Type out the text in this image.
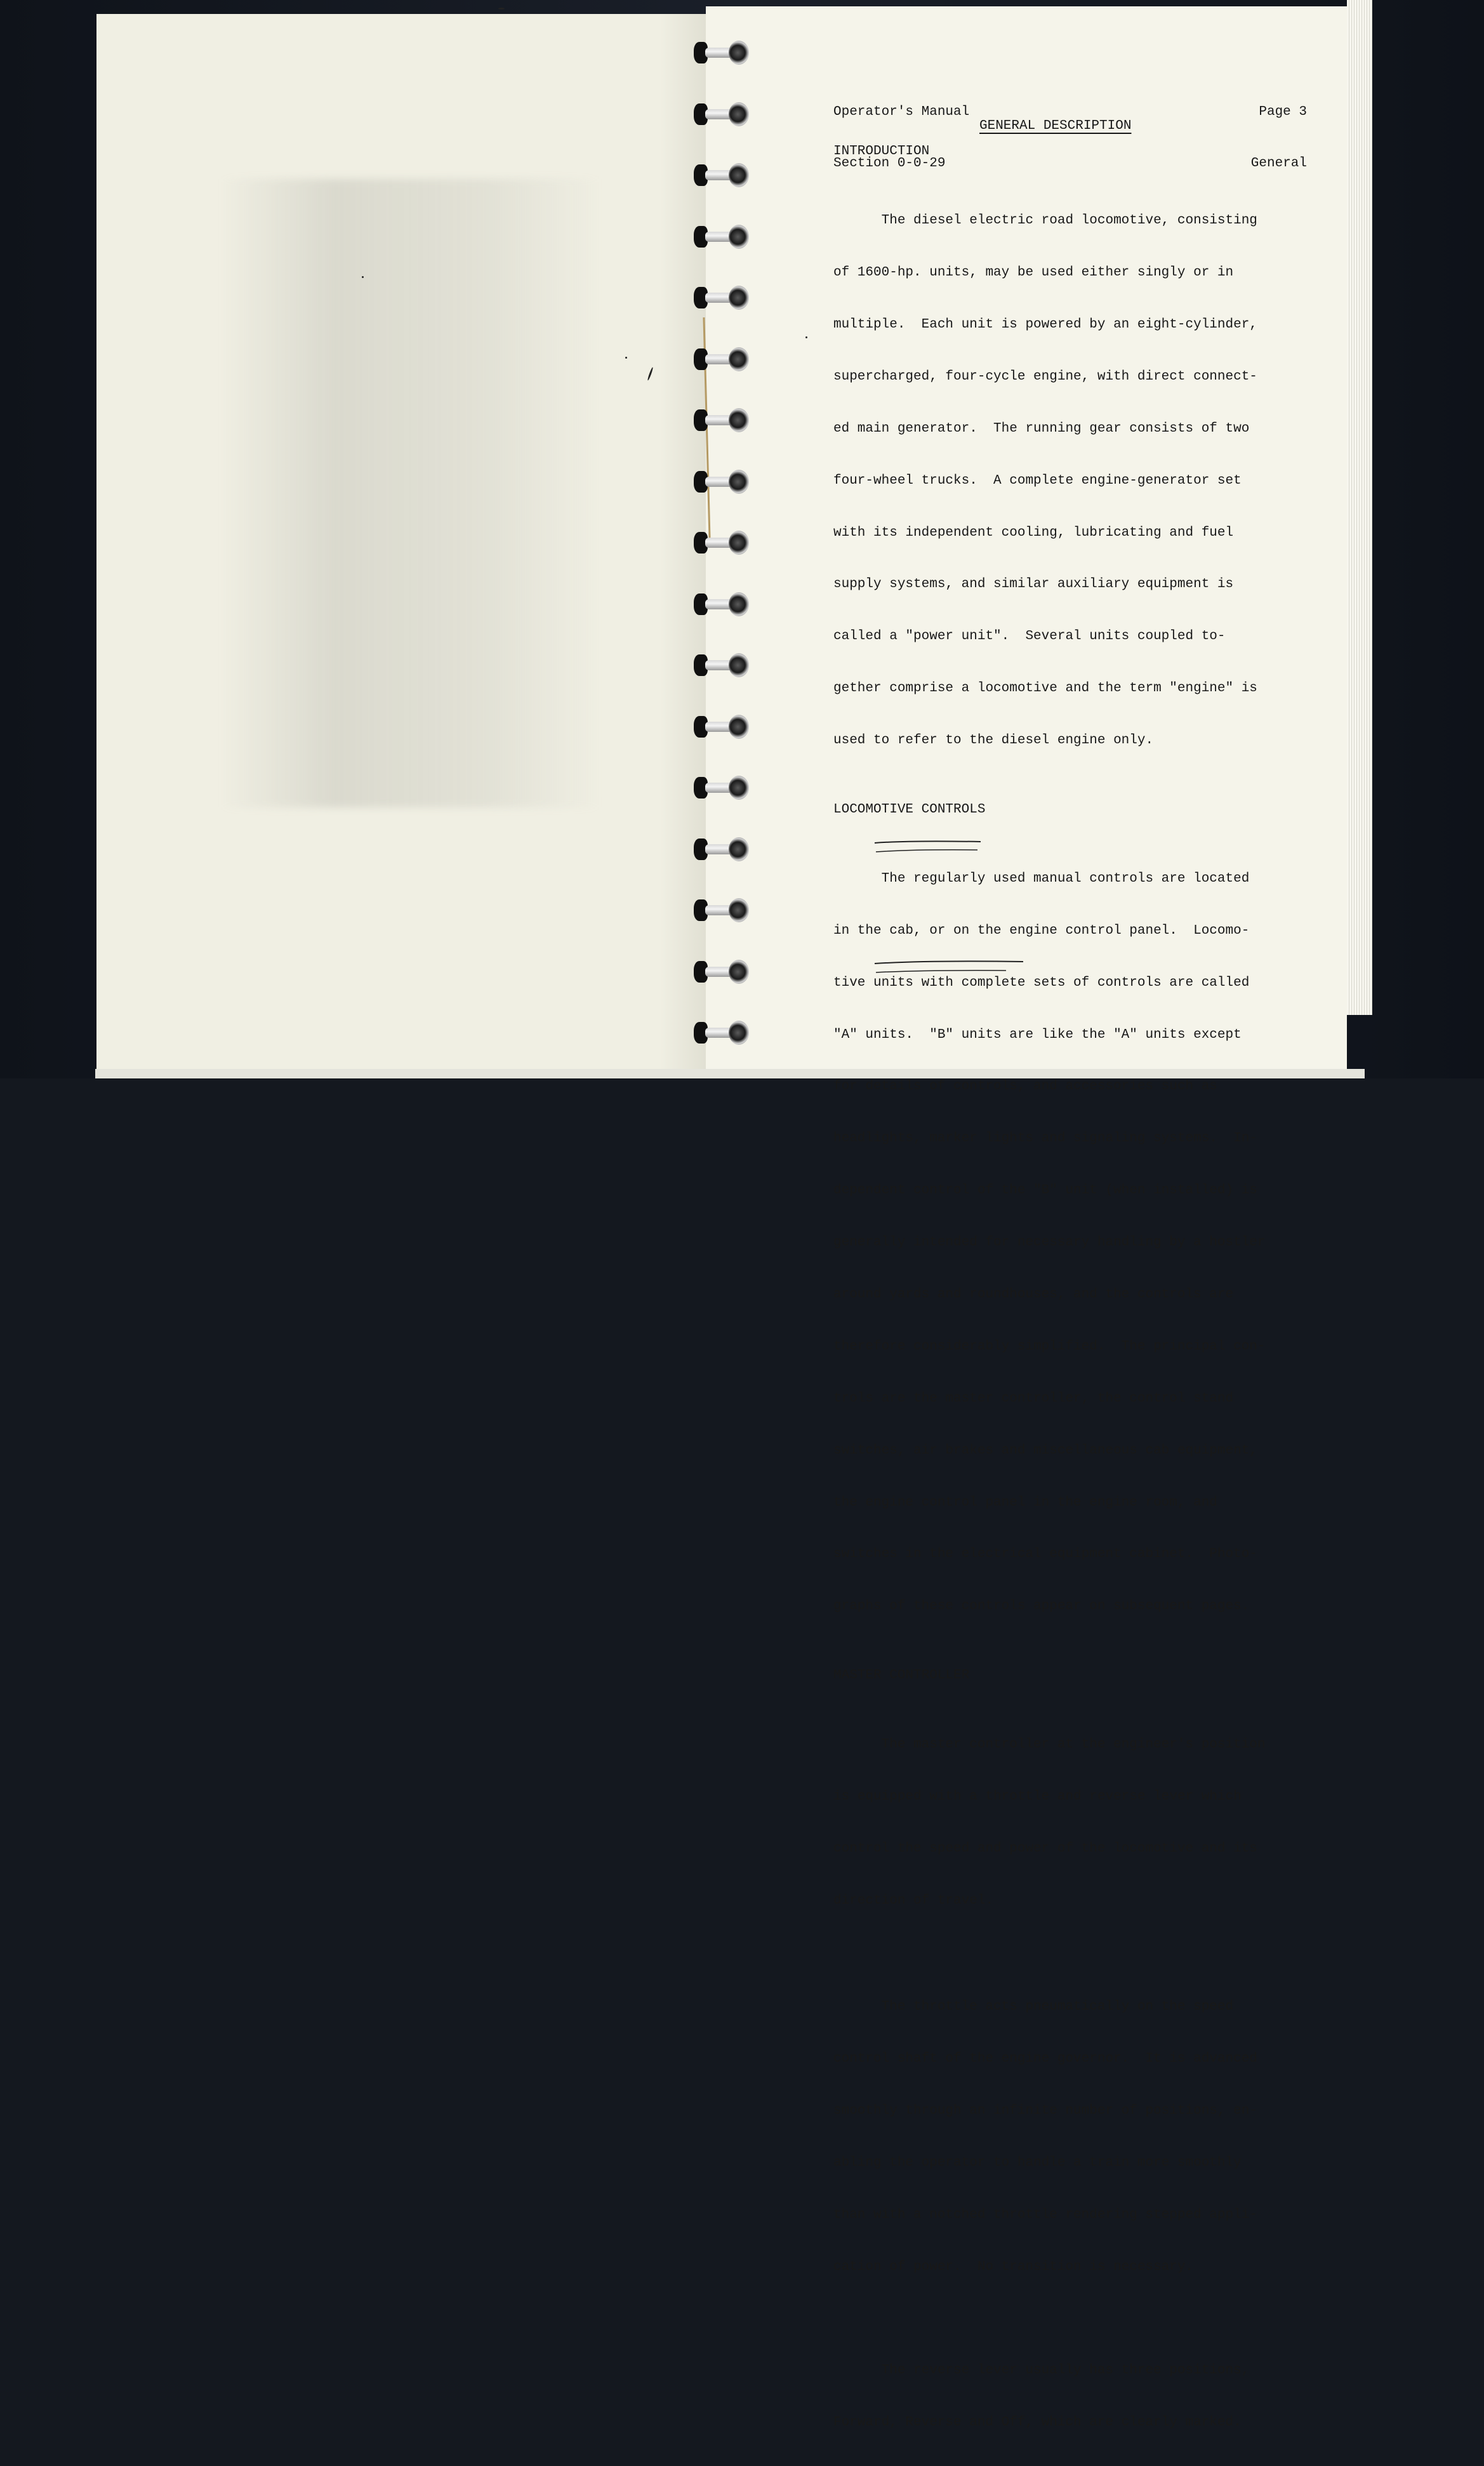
Operator's Manual

Section 0-0-29

Page 3

General

GENERAL DESCRIPTION
INTRODUCTION

The diesel electric road locomotive, consisting

of 1600-hp. units, may be used either singly or in

multiple.  Each unit is powered by an eight-cylinder,

supercharged, four-cycle engine, with direct connect-

ed main generator.  The running gear consists of two

four-wheel trucks.  A complete engine-generator set

with its independent cooling, lubricating and fuel

supply systems, and similar auxiliary equipment is

called a "power unit".  Several units coupled to-

gether comprise a locomotive and the term "engine" is

used to refer to the diesel engine only.

LOCOMOTIVE CONTROLS

The regularly used manual controls are located

in the cab, or on the engine control panel.  Locomo-

tive units with complete sets of controls are called

"A" units.  "B" units are like the "A" units except

for details of controls, and accessories such as

headlights, marker lights and signaling systems.  In-

dependent control of the "B" unit (when installed) is

generally intended for necessary handling by a hostler

around yards and roundhouses, and the controls are

therefore considerably simplified.  The principal con-

trols are the master controller, the control stand

switches, air brakes and miscellaneous cab equipment,

the engine control panel in the engine room, and

switches in the electrical equipment cabinet.  Photo-

graphs of these controls appear on subsequent pages.

MASTER CONTROLLER

The master controller at the engineer's position

is equipped with a throttle and reverse lever which

control the speed and power of the locomotive and its

direction of travel.

The throttle acts pneumatically on the speed

control shaft of the engine governor.  It is advanced

smoothly through an infinite number of positions, en-

abling the operator to handle a train more smoothly

than with a notched throttle rendering stepped appli-

cation of power.  No transition is necessary.

The reverse lever usually has three positions,

Forward, Reverse and Off, which are clearly marked.
